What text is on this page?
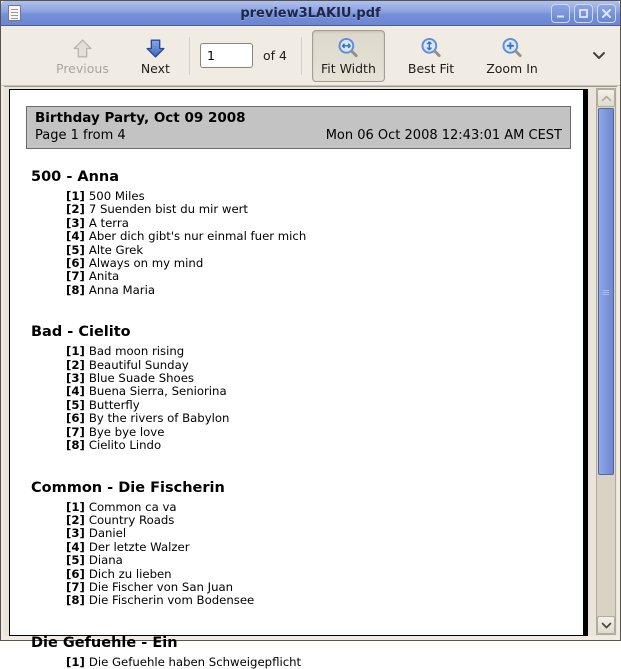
preview3LAKIU.pdf
Previous	Next
1
of 4
Fit Width	Best Fit	Zoom In
Birthday Party, Oct 09 2008
Page 1 from 4	Mon 06 Oct 2008 12:43:01 AM CEST
500 - Anna
[1] 500 Miles
[2] 7 Suenden bist du mir wert
[3] A terra
[4] Aber dich gibt's nur einmal fuer mich
[5] Alte Grek
[6] Always on my mind
[7] Anita
[8] Anna Maria
Bad - Cielito
[1] Bad moon rising
[2] Beautiful Sunday
[3] Blue Suade Shoes
[4] Buena Sierra, Seniorina
[5] Butterfly
[6] By the rivers of Babylon
[7] Bye bye love
[8] Cielito Lindo
Common - Die Fischerin
[1] Common ca va
[2] Country Roads
[3] Daniel
[4] Der letzte Walzer
[5] Diana
[6] Dich zu lieben
[7] Die Fischer von San Juan
[8] Die Fischerin vom Bodensee
Die Gefuehle - Ein
[1] Die Gefuehle haben Schweigepflicht
